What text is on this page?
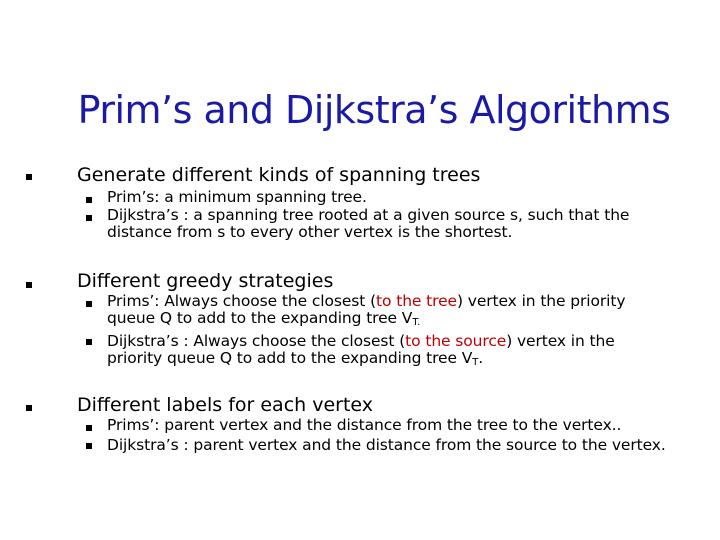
Prim’s and Dijkstra’s Algorithms
Generate different kinds of spanning trees
Prim’s: a minimum spanning tree.
Dijkstra’s : a spanning tree rooted at a given source s, such that the distance from s to every other vertex is the shortest.
Different greedy strategies
Prims’: Always choose the closest (to the tree) vertex in the priority queue Q to add to the expanding tree $V_{T.}$
Dijkstra’s : Always choose the closest (to the source) vertex in the priority queue Q to add to the expanding tree $V_T$.
Different labels for each vertex
Prims’: parent vertex and the distance from the tree to the vertex..
Dijkstra’s : parent vertex and the distance from the source to the vertex.
